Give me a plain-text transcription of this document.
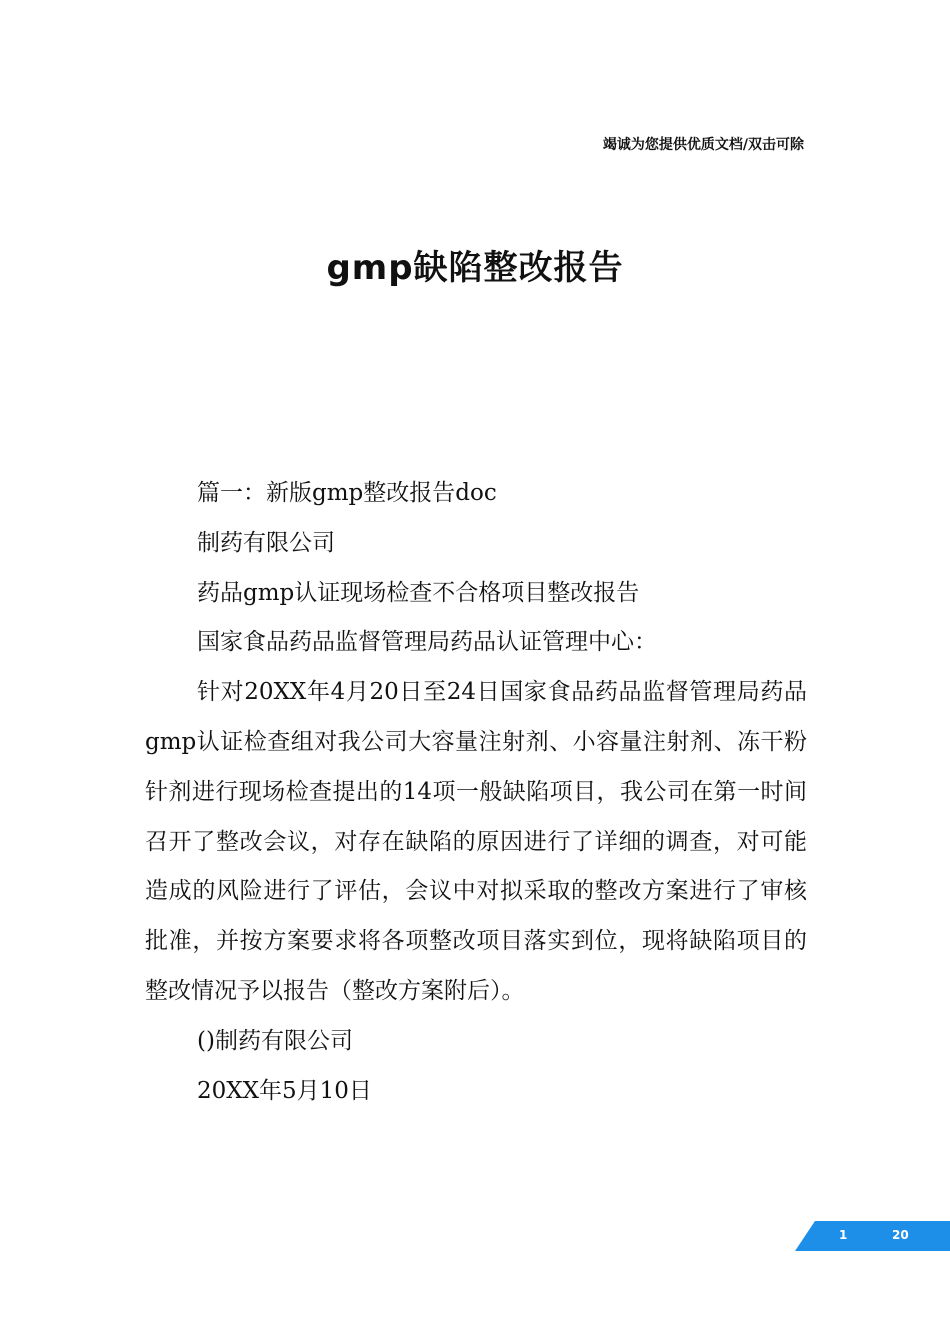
竭诚为您提供优质文档/双击可除
gmp缺陷整改报告

篇一：新版gmp整改报告doc

制药有限公司

药品gmp认证现场检查不合格项目整改报告

国家食品药品监督管理局药品认证管理中心：

针对20XX年4月20日至24日国家食品药品监督管理局药品gmp认证检查组对我公司大容量注射剂、小容量注射剂、冻干粉针剂进行现场检查提出的14项一般缺陷项目，我公司在第一时间召开了整改会议，对存在缺陷的原因进行了详细的调查，对可能造成的风险进行了评估，会议中对拟采取的整改方案进行了审核批准，并按方案要求将各项整改项目落实到位，现将缺陷项目的整改情况予以报告（整改方案附后）。

()制药有限公司

20XX年5月10日

1	20
